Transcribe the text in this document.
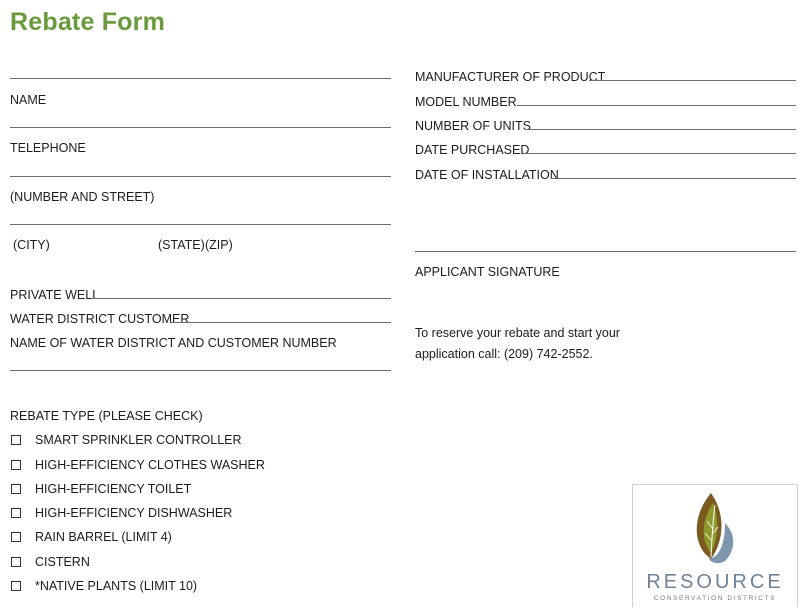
Rebate Form
NAME
TELEPHONE
(NUMBER AND STREET)
(CITY)	(STATE) (ZIP)
PRIVATE WELL
WATER DISTRICT CUSTOMER
NAME OF WATER DISTRICT AND CUSTOMER NUMBER
REBATE TYPE (PLEASE CHECK)
SMART SPRINKLER CONTROLLER
HIGH-EFFICIENCY CLOTHES WASHER
HIGH-EFFICIENCY TOILET
HIGH-EFFICIENCY DISHWASHER
RAIN BARREL (LIMIT 4)
CISTERN
*NATIVE PLANTS (LIMIT 10)
MANUFACTURER OF PRODUCT
MODEL NUMBER
NUMBER OF UNITS
DATE PURCHASED
DATE OF INSTALLATION
APPLICANT SIGNATURE
To reserve your rebate and start your
application call: (209) 742-2552.
RESOURCE
CONSERVATION DISTRICTS
